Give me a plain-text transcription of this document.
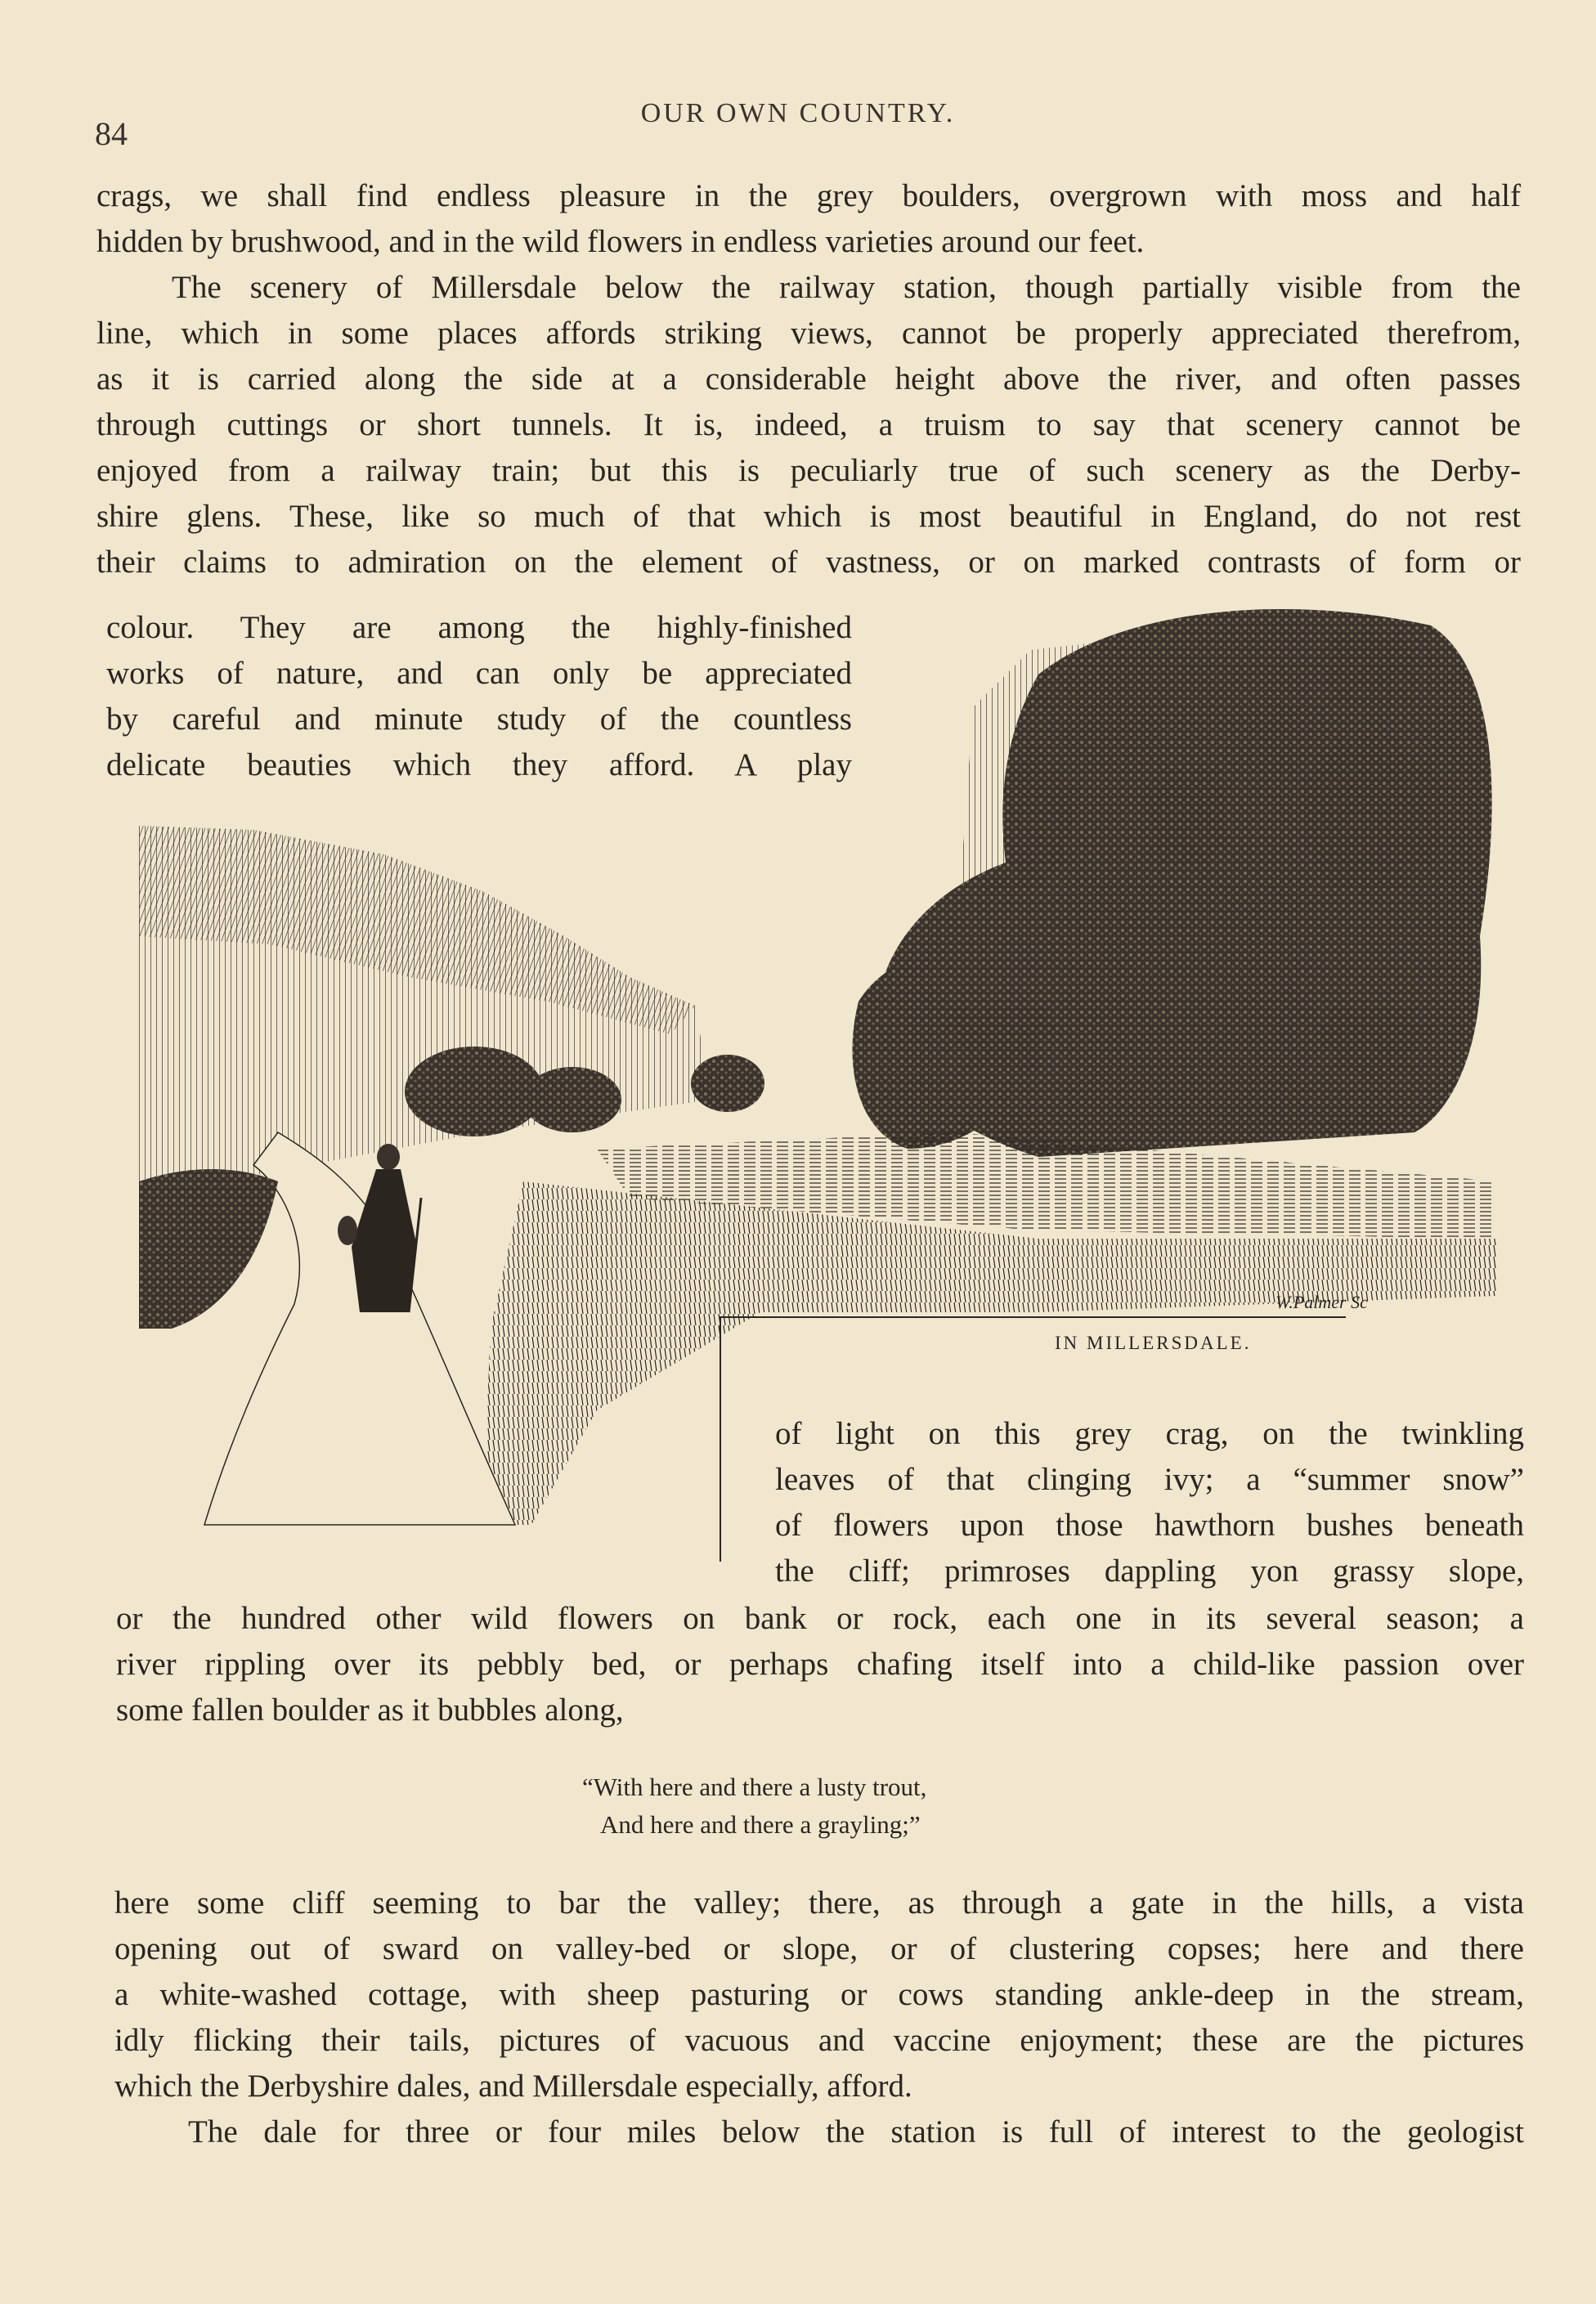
84
OUR OWN COUNTRY.
crags, we shall find endless pleasure in the grey boulders, overgrown with moss and half
hidden by brushwood, and in the wild flowers in endless varieties around our feet.
The scenery of Millersdale below the railway station, though partially visible from the
line, which in some places affords striking views, cannot be properly appreciated therefrom,
as it is carried along the side at a considerable height above the river, and often passes
through cuttings or short tunnels. It is, indeed, a truism to say that scenery cannot be
enjoyed from a railway train; but this is peculiarly true of such scenery as the Derby-
shire glens. These, like so much of that which is most beautiful in England, do not rest
their claims to admiration on the element of vastness, or on marked contrasts of form or
colour. They are among the highly-finished
works of nature, and can only be appreciated
by careful and minute study of the countless
delicate beauties which they afford. A play
W.Palmer Sc
IN MILLERSDALE.
of light on this grey crag, on the twinkling
leaves of that clinging ivy; a “summer snow”
of flowers upon those hawthorn bushes beneath
the cliff; primroses dappling yon grassy slope,
or the hundred other wild flowers on bank or rock, each one in its several season; a
river rippling over its pebbly bed, or perhaps chafing itself into a child-like passion over
some fallen boulder as it bubbles along,
“With here and there a lusty trout,
And here and there a grayling;”
here some cliff seeming to bar the valley; there, as through a gate in the hills, a vista
opening out of sward on valley-bed or slope, or of clustering copses; here and there
a white-washed cottage, with sheep pasturing or cows standing ankle-deep in the stream,
idly flicking their tails, pictures of vacuous and vaccine enjoyment; these are the pictures
which the Derbyshire dales, and Millersdale especially, afford.
The dale for three or four miles below the station is full of interest to the geologist
